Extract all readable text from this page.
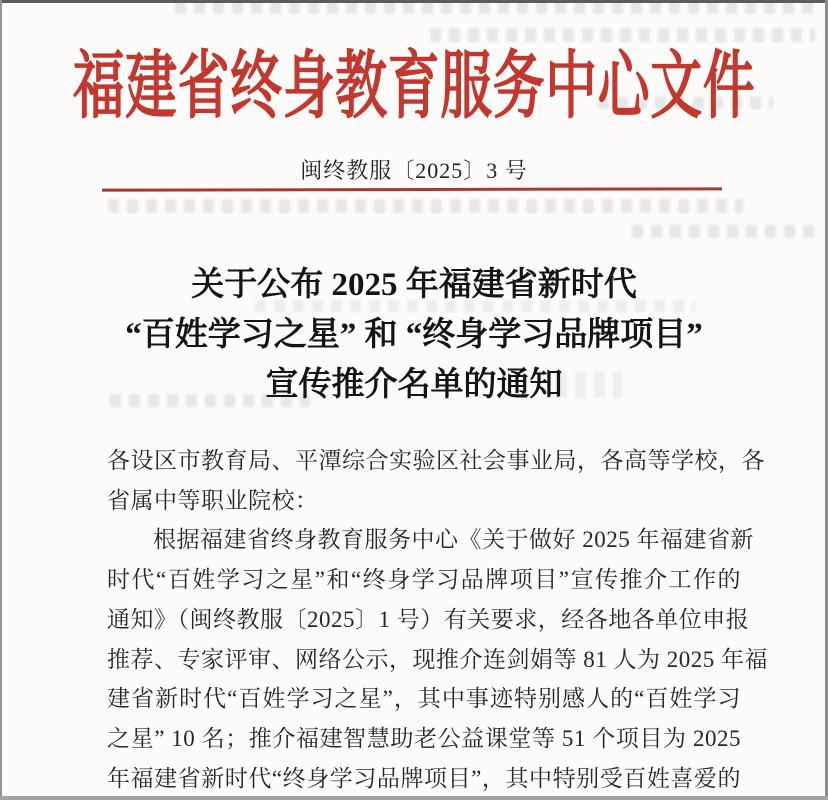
福建省终身教育服务中心文件
闽终教服〔2025〕3 号
关于公布 2025 年福建省新时代
“百姓学习之星” 和 “终身学习品牌项目”
宣传推介名单的通知
各设区市教育局、平潭综合实验区社会事业局，各高等学校，各
省属中等职业院校：
根据福建省终身教育服务中心《关于做好 2025 年福建省新
时代“百姓学习之星”和“终身学习品牌项目”宣传推介工作的
通知》（闽终教服〔2025〕1 号）有关要求，经各地各单位申报
推荐、专家评审、网络公示，现推介连剑娟等 81 人为 2025 年福
建省新时代“百姓学习之星”，其中事迹特别感人的“百姓学习
之星” 10 名；推介福建智慧助老公益课堂等 51 个项目为 2025
年福建省新时代“终身学习品牌项目”，其中特别受百姓喜爱的
